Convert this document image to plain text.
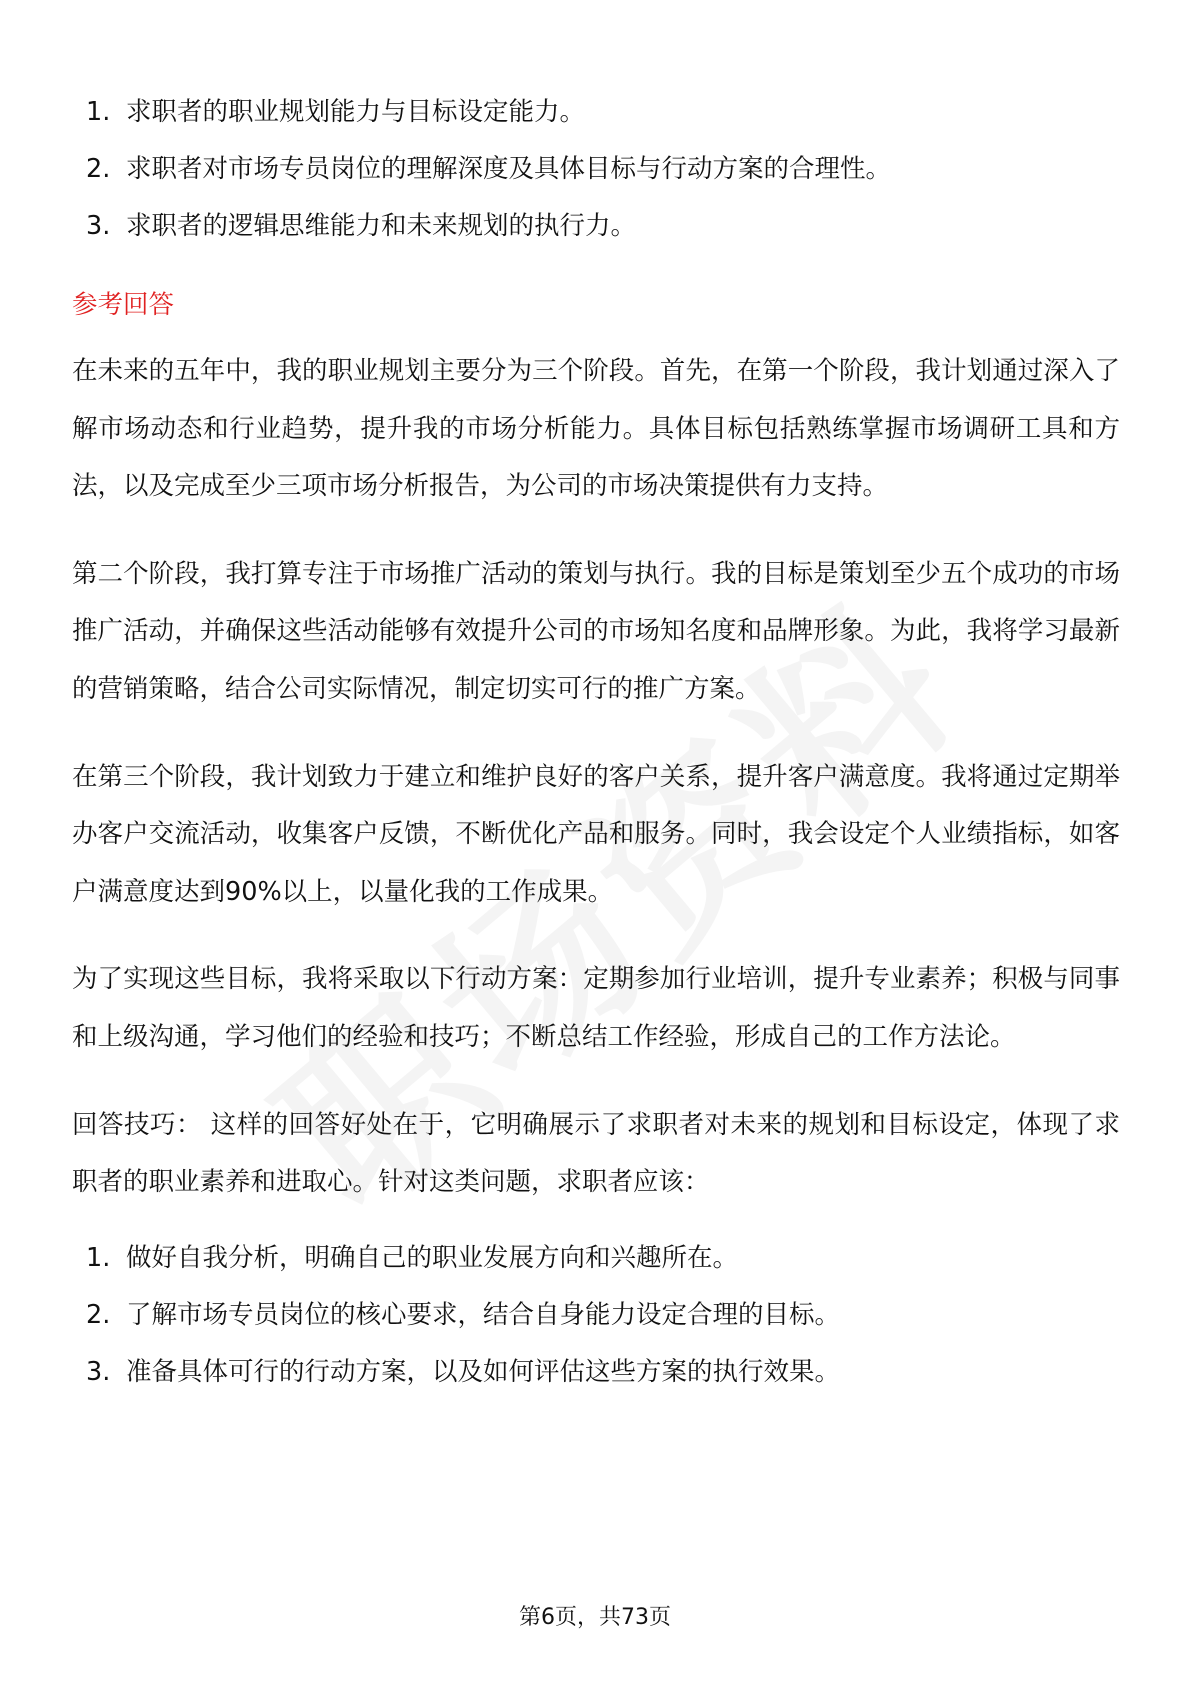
1. 求职者的职业规划能力与目标设定能力。
2. 求职者对市场专员岗位的理解深度及具体目标与行动方案的合理性。
3. 求职者的逻辑思维能力和未来规划的执行力。
参考回答

在未来的五年中，我的职业规划主要分为三个阶段。首先，在第一个阶段，我计划通过深入了解市场动态和行业趋势，提升我的市场分析能力。具体目标包括熟练掌握市场调研工具和方法，以及完成至少三项市场分析报告，为公司的市场决策提供有力支持。

第二个阶段，我打算专注于市场推广活动的策划与执行。我的目标是策划至少五个成功的市场推广活动，并确保这些活动能够有效提升公司的市场知名度和品牌形象。为此，我将学习最新的营销策略，结合公司实际情况，制定切实可行的推广方案。

在第三个阶段，我计划致力于建立和维护良好的客户关系，提升客户满意度。我将通过定期举办客户交流活动，收集客户反馈，不断优化产品和服务。同时，我会设定个人业绩指标，如客户满意度达到90%以上，以量化我的工作成果。

为了实现这些目标，我将采取以下行动方案：定期参加行业培训，提升专业素养；积极与同事和上级沟通，学习他们的经验和技巧；不断总结工作经验，形成自己的工作方法论。

回答技巧： 这样的回答好处在于，它明确展示了求职者对未来的规划和目标设定，体现了求职者的职业素养和进取心。针对这类问题，求职者应该：

1. 做好自我分析，明确自己的职业发展方向和兴趣所在。
2. 了解市场专员岗位的核心要求，结合自身能力设定合理的目标。
3. 准备具体可行的行动方案，以及如何评估这些方案的执行效果。
第6页，共73页
